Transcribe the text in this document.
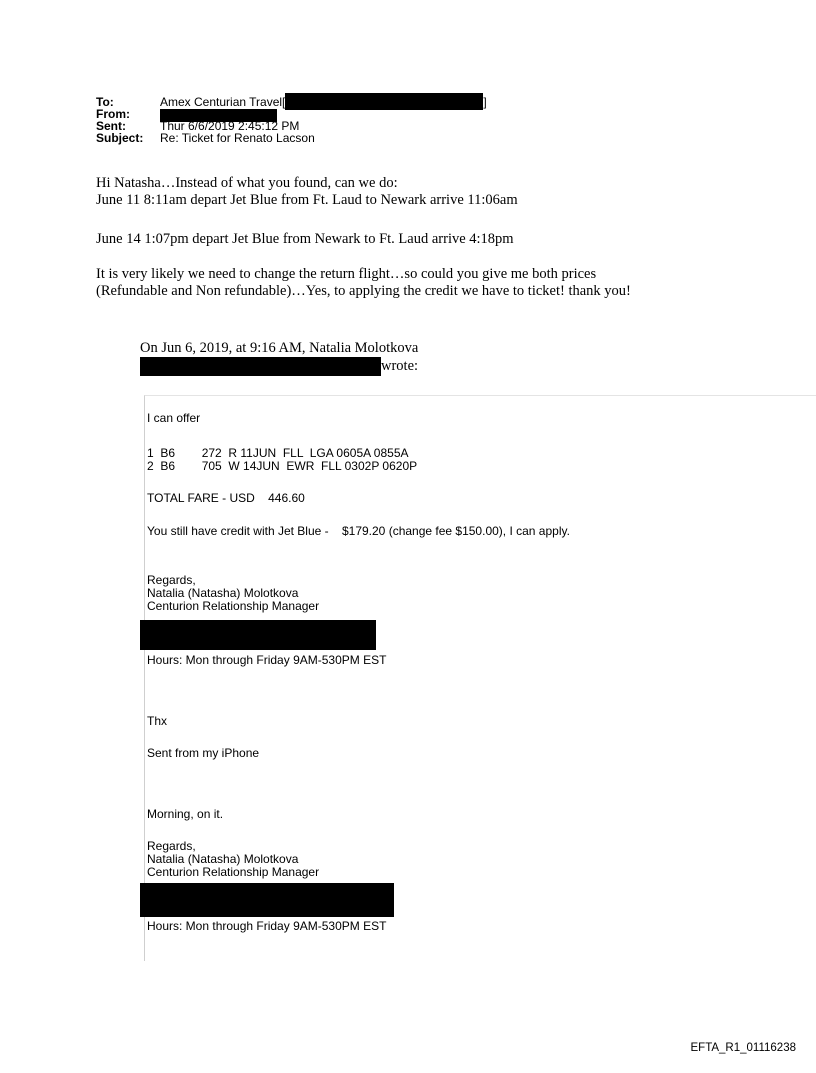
To:	Amex Centurian Travel[	]
From:
Sent:	Thur 6/6/2019 2:45:12 PM
Subject: Re: Ticket for Renato Lacson

Hi Natasha…Instead of what you found, can we do:

June 11 8:11am depart Jet Blue from Ft. Laud to Newark arrive 11:06am

June 14 1:07pm depart Jet Blue from Newark to Ft. Laud arrive 4:18pm

It is very likely we need to change the return flight…so could you give me both prices

(Refundable and Non refundable)…Yes, to applying the credit we have to ticket! thank you!

On Jun 6, 2019, at 9:16 AM, Natalia Molotkova

wrote:

I can offer

1  B6        272  R 11JUN  FLL  LGA 0605A 0855A

2  B6        705  W 14JUN  EWR  FLL 0302P 0620P

TOTAL FARE - USD    446.60
You still have credit with Jet Blue -    $179.20 (change fee $150.00), I can apply.

Regards,

Natalia (Natasha) Molotkova

Centurion Relationship Manager

Hours: Mon through Friday 9AM-530PM EST
Thx
Sent from my iPhone
Morning, on it.

Regards,

Natalia (Natasha) Molotkova

Centurion Relationship Manager

Hours: Mon through Friday 9AM-530PM EST
EFTA_R1_01116238
